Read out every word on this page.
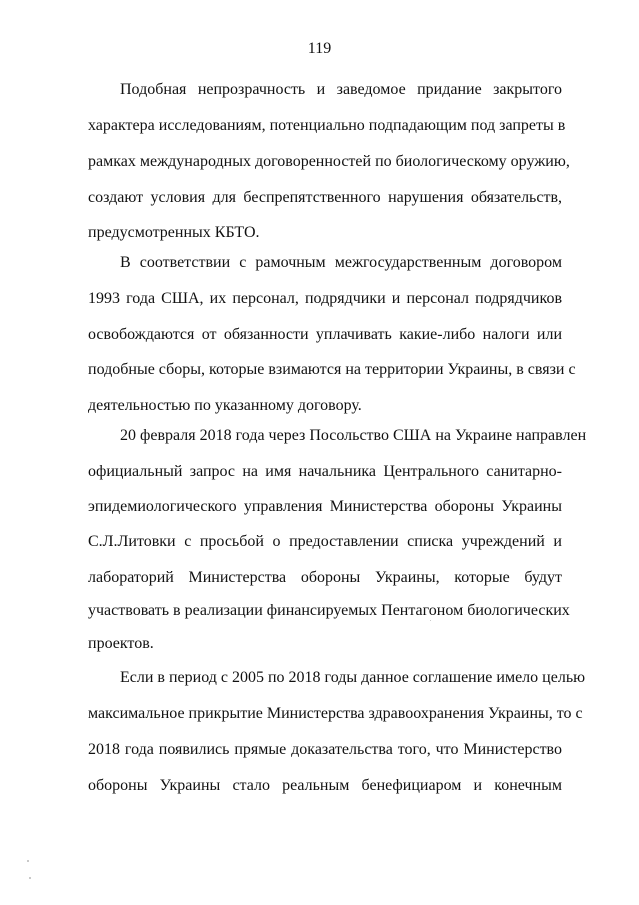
119
Подобная непрозрачность и заведомое придание закрытого
характера исследованиям, потенциально подпадающим под запреты в
рамках международных договоренностей по биологическому оружию,
создают условия для беспрепятственного нарушения обязательств,
предусмотренных КБТО.
В соответствии с рамочным межгосударственным договором
1993 года США, их персонал, подрядчики и персонал подрядчиков
освобождаются от обязанности уплачивать какие-либо налоги или
подобные сборы, которые взимаются на территории Украины, в связи с
деятельностью по указанному договору.
20 февраля 2018 года через Посольство США на Украине направлен
официальный запрос на имя начальника Центрального санитарно-
эпидемиологического управления Министерства обороны Украины
С.Л.Литовки с просьбой о предоставлении списка учреждений и
лабораторий Министерства обороны Украины, которые будут
участвовать в реализации финансируемых Пентагоном биологических
проектов.
Если в период с 2005 по 2018 годы данное соглашение имело целью
максимальное прикрытие Министерства здравоохранения Украины, то с
2018 года появились прямые доказательства того, что Министерство
обороны Украины стало реальным бенефициаром и конечным
